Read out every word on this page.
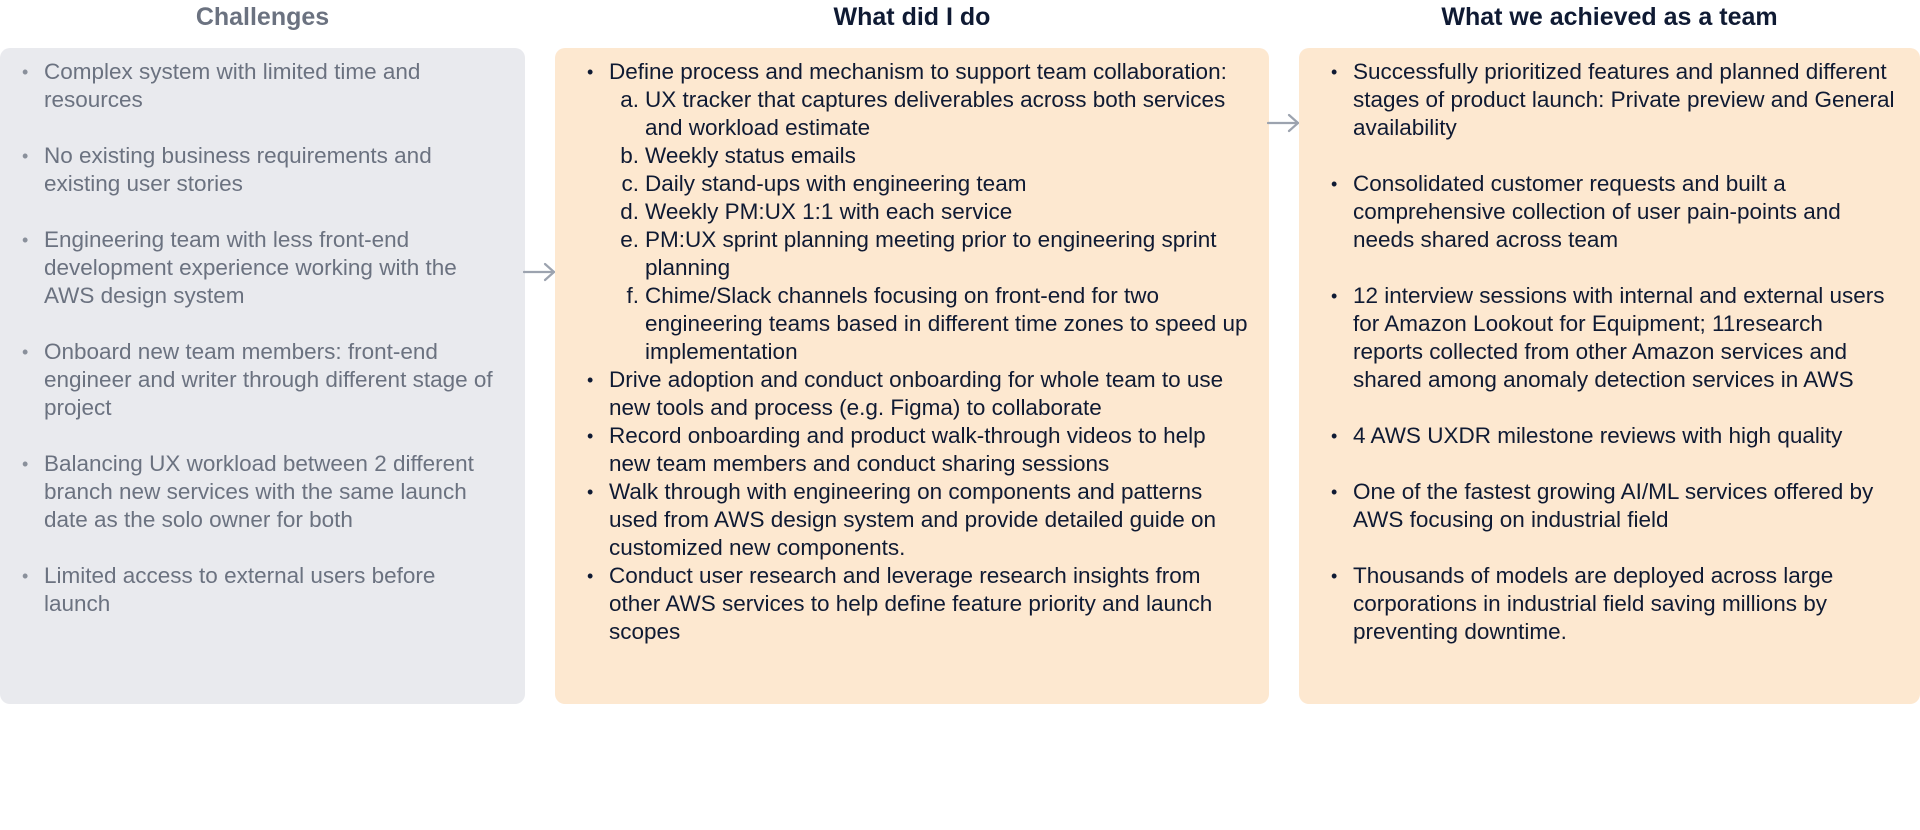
Challenges	What did I do	What we achieved as a team
• Complex system with limited time and resources
• No existing business requirements and existing user stories
• Engineering team with less front-end development experience working with the AWS design system
• Onboard new team members: front-end engineer and writer through different stage of project
• Balancing UX workload between 2 different branch new services with the same launch date as the solo owner for both
• Limited access to external users before launch
• Define process and mechanism to support team collaboration:
a. UX tracker that captures deliverables across both services and workload estimate
b. Weekly status emails
c. Daily stand-ups with engineering team
d. Weekly PM:UX 1:1 with each service
e. PM:UX sprint planning meeting prior to engineering sprint planning
f. Chime/Slack channels focusing on front-end for two engineering teams based in different time zones to speed up implementation
• Drive adoption and conduct onboarding for whole team to use new tools and process (e.g. Figma) to collaborate
• Record onboarding and product walk-through videos to help new team members and conduct sharing sessions
• Walk through with engineering on components and patterns used from AWS design system and provide detailed guide on customized new components.
• Conduct user research and leverage research insights from other AWS services to help define feature priority and launch scopes
• Successfully prioritized features and planned different stages of product launch: Private preview and General availability
• Consolidated customer requests and built a comprehensive collection of user pain-points and needs shared across team
• 12 interview sessions with internal and external users for Amazon Lookout for Equipment; 11research reports collected from other Amazon services and shared among anomaly detection services in AWS
• 4 AWS UXDR milestone reviews with high quality
• One of the fastest growing AI/ML services offered by AWS focusing on industrial field
• Thousands of models are deployed across large corporations in industrial field saving millions by preventing downtime.
